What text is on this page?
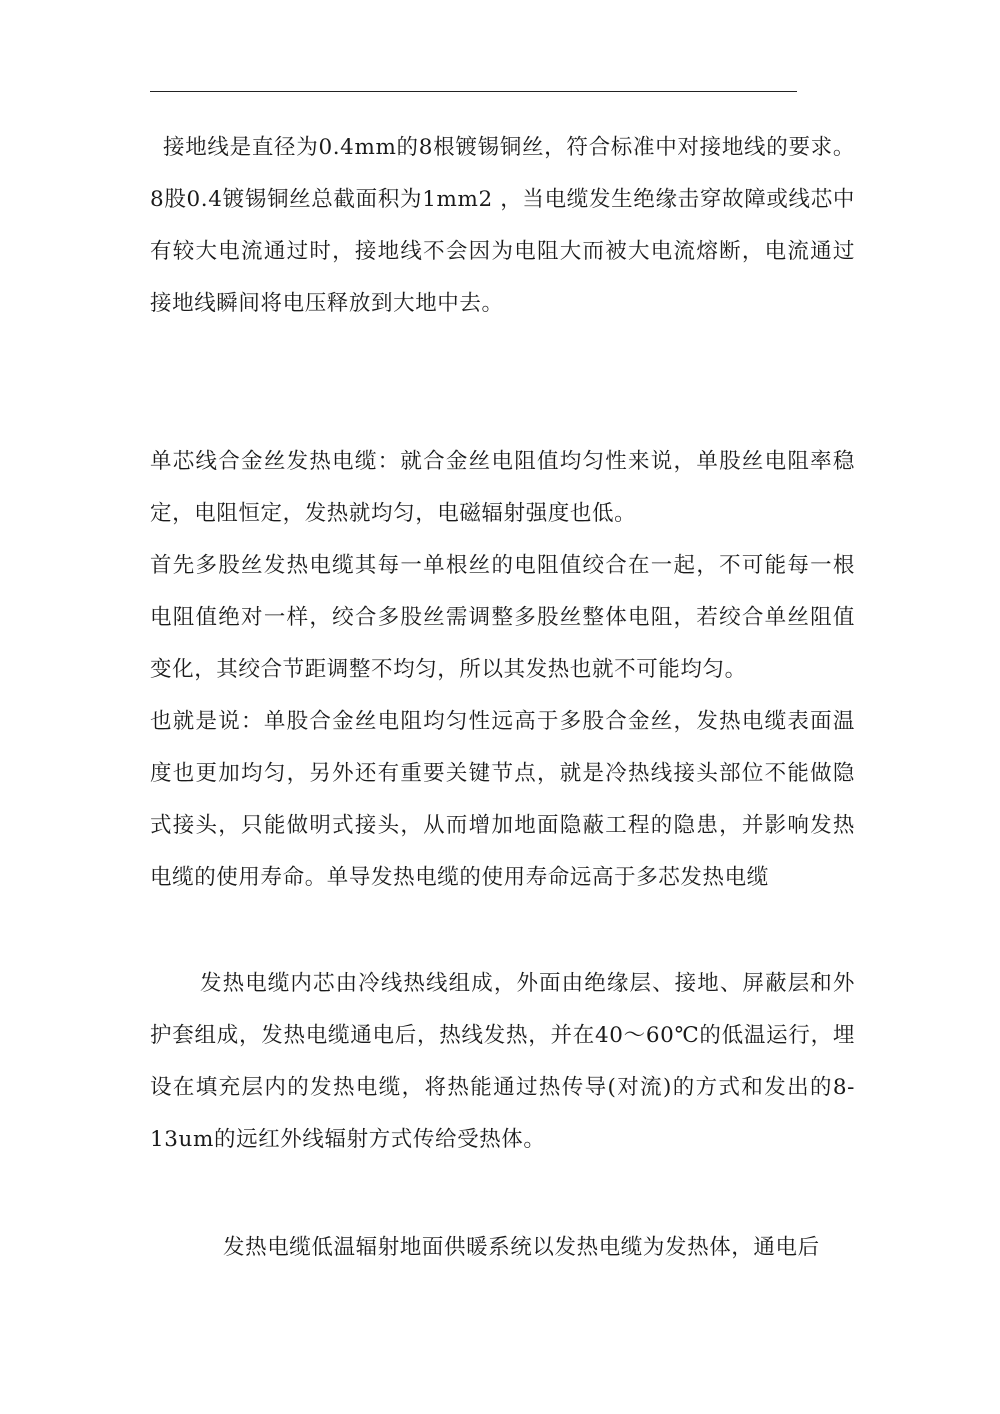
接地线是直径为0.4mm的8根镀锡铜丝，符合标准中对接地线的要求。8股0.4镀锡铜丝总截面积为1mm2 ，当电缆发生绝缘击穿故障或线芯中有较大电流通过时，接地线不会因为电阻大而被大电流熔断，电流通过接地线瞬间将电压释放到大地中去。

单芯线合金丝发热电缆：就合金丝电阻值均匀性来说，单股丝电阻率稳定，电阻恒定，发热就均匀，电磁辐射强度也低。

首先多股丝发热电缆其每一单根丝的电阻值绞合在一起，不可能每一根电阻值绝对一样，绞合多股丝需调整多股丝整体电阻，若绞合单丝阻值变化，其绞合节距调整不均匀，所以其发热也就不可能均匀。

也就是说：单股合金丝电阻均匀性远高于多股合金丝，发热电缆表面温度也更加均匀，另外还有重要关键节点，就是冷热线接头部位不能做隐式接头，只能做明式接头，从而增加地面隐蔽工程的隐患，并影响发热电缆的使用寿命。单导发热电缆的使用寿命远高于多芯发热电缆

发热电缆内芯由冷线热线组成，外面由绝缘层、接地、屏蔽层和外护套组成，发热电缆通电后，热线发热，并在40～60℃的低温运行，埋设在填充层内的发热电缆，将热能通过热传导(对流)的方式和发出的8-13um的远红外线辐射方式传给受热体。

发热电缆低温辐射地面供暖系统以发热电缆为发热体，通电后
